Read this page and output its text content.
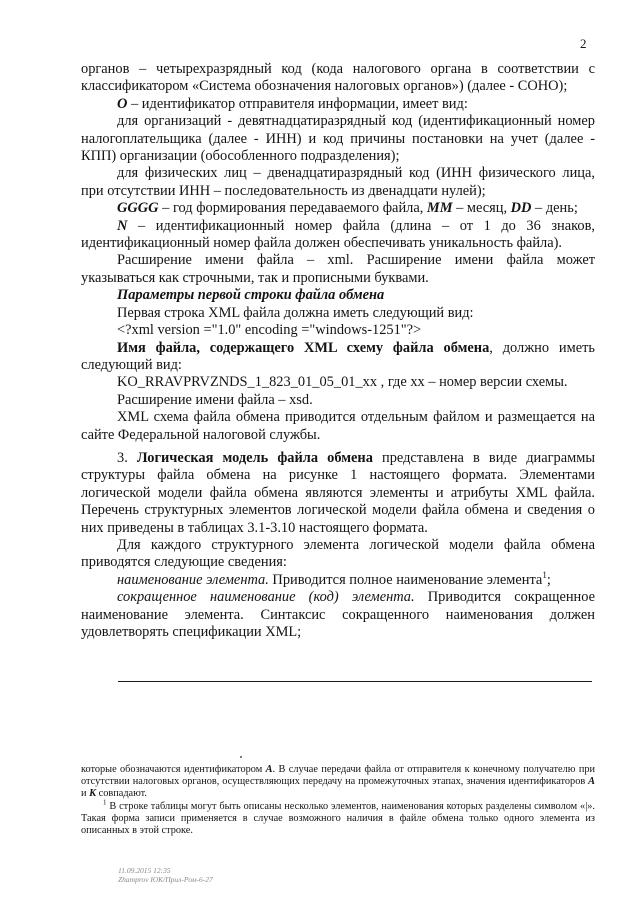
2

органов – четырехразрядный код (кода налогового органа в соответствии с классификатором «Система обозначения налоговых органов») (далее - СОНО);

О – идентификатор отправителя информации, имеет вид:

для организаций - девятнадцатиразрядный код (идентификационный номер налогоплательщика (далее - ИНН) и код причины постановки на учет (далее - КПП) организации (обособленного подразделения);

для физических лиц – двенадцатиразрядный код (ИНН физического лица, при отсутствии ИНН – последовательность из двенадцати нулей);

GGGG – год формирования передаваемого файла, MM – месяц, DD – день;

N – идентификационный номер файла (длина – от 1 до 36 знаков, идентификационный номер файла должен обеспечивать уникальность файла).

Расширение имени файла – xml. Расширение имени файла может указываться как строчными, так и прописными буквами.

Параметры первой строки файла обмена

Первая строка XML файла должна иметь следующий вид:

<?xml version ="1.0" encoding ="windows-1251"?>

Имя файла, содержащего XML схему файла обмена, должно иметь следующий вид:

KO_RRAVPRVZNDS_1_823_01_05_01_xx , где хх – номер версии схемы.

Расширение имени файла – xsd.

XML схема файла обмена приводится отдельным файлом и размещается на сайте Федеральной налоговой службы.

3. Логическая модель файла обмена представлена в виде диаграммы структуры файла обмена на рисунке 1 настоящего формата. Элементами логической модели файла обмена являются элементы и атрибуты XML файла. Перечень структурных элементов логической модели файла обмена и сведения о них приведены в таблицах 3.1-3.10 настоящего формата.

Для каждого структурного элемента логической модели файла обмена приводятся следующие сведения:

наименование элемента. Приводится полное наименование элемента$^1$;

сокращенное наименование (код) элемента. Приводится сокращенное наименование элемента. Синтаксис сокращенного наименования должен удовлетворять спецификации XML;

которые обозначаются идентификатором А. В случае передачи файла от отправителя к конечному получателю при отсутствии налоговых органов, осуществляющих передачу на промежуточных этапах, значения идентификаторов А и К совпадают.

$^1$ В строке таблицы могут быть описаны несколько элементов, наименования которых разделены символом «|». Такая форма записи применяется в случае возможного наличия в файле обмена только одного элемента из описанных в этой строке.

11.09.2015 12:35
Zhamprov ЮК/Прил-Ром-6-27
